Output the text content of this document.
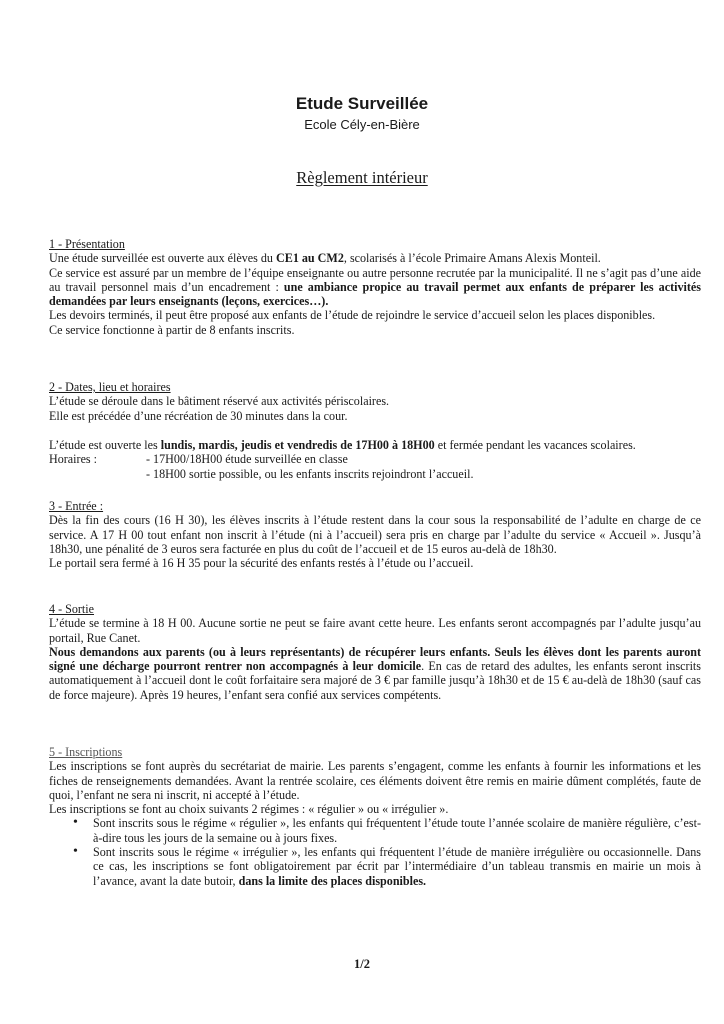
Etude Surveillée
Ecole Cély-en-Bière
Règlement intérieur
1 - Présentation

Une étude surveillée est ouverte aux élèves du CE1 au CM2, scolarisés à l’école Primaire Amans Alexis Monteil.

Ce service est assuré par un membre de l’équipe enseignante ou autre personne recrutée par la municipalité. Il ne s’agit pas d’une aide au travail personnel mais d’un encadrement : une ambiance propice au travail permet aux enfants de préparer les activités demandées par leurs enseignants (leçons, exercices…).

Les devoirs terminés, il peut être proposé aux enfants de l’étude de rejoindre le service d’accueil selon les places disponibles.

Ce service fonctionne à partir de 8 enfants inscrits.

2 - Dates, lieu et horaires

L’étude se déroule dans le bâtiment réservé aux activités périscolaires.

Elle est précédée d’une récréation de 30 minutes dans la cour.

L’étude est ouverte les lundis, mardis, jeudis et vendredis de 17H00 à 18H00 et fermée pendant les vacances scolaires.

Horaires :	- 17H00/18H00 étude surveillée en classe
- 18H00 sortie possible, ou les enfants inscrits rejoindront l’accueil.
3 - Entrée :

Dès la fin des cours (16 H 30), les élèves inscrits à l’étude restent dans la cour sous la responsabilité de l’adulte en charge de ce service. A 17 H 00 tout enfant non inscrit à l’étude (ni à l’accueil) sera pris en charge par l’adulte du service « Accueil ». Jusqu’à 18h30, une pénalité de 3 euros sera facturée en plus du coût de l’accueil et de 15 euros au-delà de 18h30.

Le portail sera fermé à 16 H 35 pour la sécurité des enfants restés à l’étude ou l’accueil.

4 - Sortie

L’étude se termine à 18 H 00. Aucune sortie ne peut se faire avant cette heure. Les enfants seront accompagnés par l’adulte jusqu’au portail, Rue Canet.

Nous demandons aux parents (ou à leurs représentants) de récupérer leurs enfants. Seuls les élèves dont les parents auront signé une décharge pourront rentrer non accompagnés à leur domicile. En cas de retard des adultes, les enfants seront inscrits automatiquement à l’accueil dont le coût forfaitaire sera majoré de 3 € par famille jusqu’à 18h30 et de 15 € au-delà de 18h30 (sauf cas de force majeure). Après 19 heures, l’enfant sera confié aux services compétents.

5 - Inscriptions

Les inscriptions se font auprès du secrétariat de mairie. Les parents s’engagent, comme les enfants à fournir les informations et les fiches de renseignements demandées. Avant la rentrée scolaire, ces éléments doivent être remis en mairie dûment complétés, faute de quoi, l’enfant ne sera ni inscrit, ni accepté à l’étude.

Les inscriptions se font au choix suivants 2 régimes : « régulier » ou « irrégulier ».

• Sont inscrits sous le régime « régulier », les enfants qui fréquentent l’étude toute l’année scolaire de manière régulière, c’est-à-dire tous les jours de la semaine ou à jours fixes.
• Sont inscrits sous le régime « irrégulier », les enfants qui fréquentent l’étude de manière irrégulière ou occasionnelle. Dans ce cas, les inscriptions se font obligatoirement par écrit par l’intermédiaire d’un tableau transmis en mairie un mois à l’avance, avant la date butoir, dans la limite des places disponibles.
1/2
